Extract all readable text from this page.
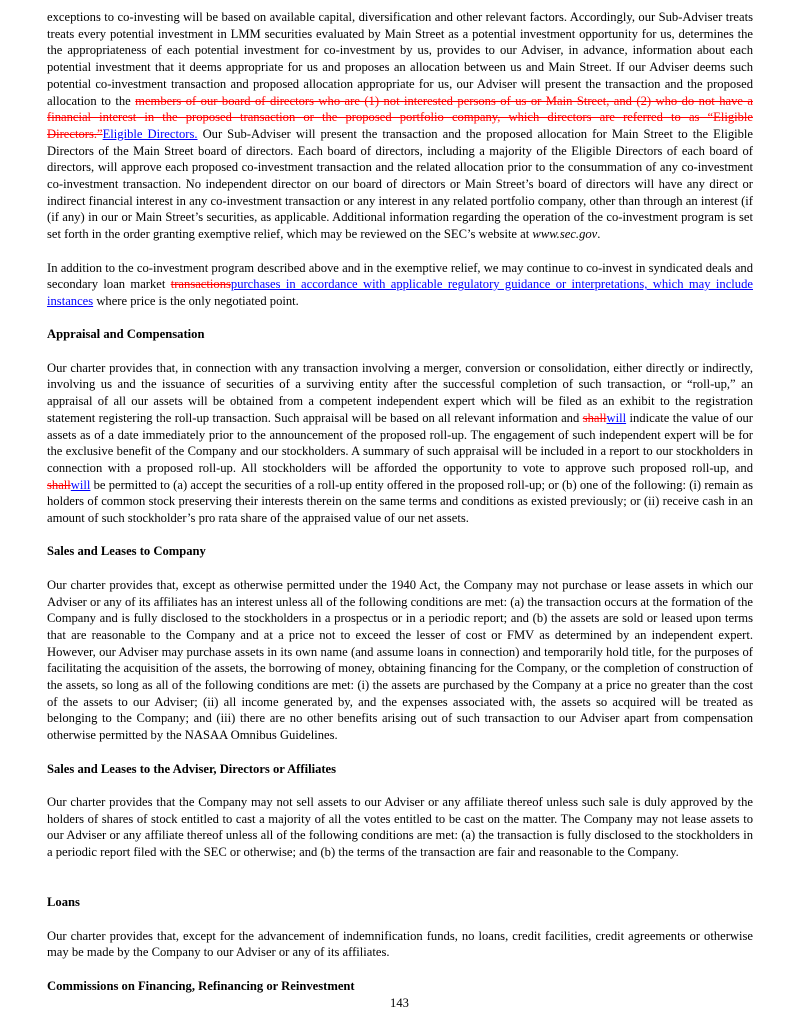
exceptions to co-investing will be based on available capital, diversification and other relevant factors. Accordingly, our Sub-Adviser treats treats every potential investment in LMM securities evaluated by Main Street as a potential investment opportunity for us, determines the the appropriateness of each potential investment for co-investment by us, provides to our Adviser, in advance, information about each potential investment that it deems appropriate for us and proposes an allocation between us and Main Street. If our Adviser deems such potential co-investment transaction and proposed allocation appropriate for us, our Adviser will present the transaction and the proposed allocation to the members of our board of directors who are (1) not interested persons of us or Main Street, and (2) who do not have a financial interest in the proposed transaction or the proposed portfolio company, which directors are referred to as “Eligible Directors.”Eligible Directors. Our Sub-Adviser will present the transaction and the proposed allocation for Main Street to the Eligible Directors of the Main Street board of directors. Each board of directors, including a majority of the Eligible Directors of each board of directors, will approve each proposed co-investment transaction and the related allocation prior to the consummation of any co-investment co-investment transaction. No independent director on our board of directors or Main Street’s board of directors will have any direct or indirect financial interest in any co-investment transaction or any interest in any related portfolio company, other than through an interest (if (if any) in our or Main Street’s securities, as applicable. Additional information regarding the operation of the co-investment program is set set forth in the order granting exemptive relief, which may be reviewed on the SEC’s website at www.sec.gov.

In addition to the co-investment program described above and in the exemptive relief, we may continue to co-invest in syndicated deals and secondary loan market transactionspurchases in accordance with applicable regulatory guidance or interpretations, which may include instances where price is the only negotiated point.

Appraisal and Compensation

Our charter provides that, in connection with any transaction involving a merger, conversion or consolidation, either directly or indirectly, involving us and the issuance of securities of a surviving entity after the successful completion of such transaction, or “roll-up,” an appraisal of all our assets will be obtained from a competent independent expert which will be filed as an exhibit to the registration statement registering the roll-up transaction. Such appraisal will be based on all relevant information and shallwill indicate the value of our assets as of a date immediately prior to the announcement of the proposed roll-up. The engagement of such independent expert will be for the exclusive benefit of the Company and our stockholders. A summary of such appraisal will be included in a report to our stockholders in connection with a proposed roll-up. All stockholders will be afforded the opportunity to vote to approve such proposed roll-up, and shallwill be permitted to (a) accept the securities of a roll-up entity offered in the proposed roll-up; or (b) one of the following: (i) remain as holders of common stock preserving their interests therein on the same terms and conditions as existed previously; or (ii) receive cash in an amount of such stockholder’s pro rata share of the appraised value of our net assets.

Sales and Leases to Company

Our charter provides that, except as otherwise permitted under the 1940 Act, the Company may not purchase or lease assets in which our Adviser or any of its affiliates has an interest unless all of the following conditions are met: (a) the transaction occurs at the formation of the Company and is fully disclosed to the stockholders in a prospectus or in a periodic report; and (b) the assets are sold or leased upon terms that are reasonable to the Company and at a price not to exceed the lesser of cost or FMV as determined by an independent expert. However, our Adviser may purchase assets in its own name (and assume loans in connection) and temporarily hold title, for the purposes of facilitating the acquisition of the assets, the borrowing of money, obtaining financing for the Company, or the completion of construction of the assets, so long as all of the following conditions are met: (i) the assets are purchased by the Company at a price no greater than the cost of the assets to our Adviser; (ii) all income generated by, and the expenses associated with, the assets so acquired will be treated as belonging to the Company; and (iii) there are no other benefits arising out of such transaction to our Adviser apart from compensation otherwise permitted by the NASAA Omnibus Guidelines.

Sales and Leases to the Adviser, Directors or Affiliates

Our charter provides that the Company may not sell assets to our Adviser or any affiliate thereof unless such sale is duly approved by the holders of shares of stock entitled to cast a majority of all the votes entitled to be cast on the matter. The Company may not lease assets to our Adviser or any affiliate thereof unless all of the following conditions are met: (a) the transaction is fully disclosed to the stockholders in a periodic report filed with the SEC or otherwise; and (b) the terms of the transaction are fair and reasonable to the Company.

Loans

Our charter provides that, except for the advancement of indemnification funds, no loans, credit facilities, credit agreements or otherwise may be made by the Company to our Adviser or any of its affiliates.

Commissions on Financing, Refinancing or Reinvestment
143
